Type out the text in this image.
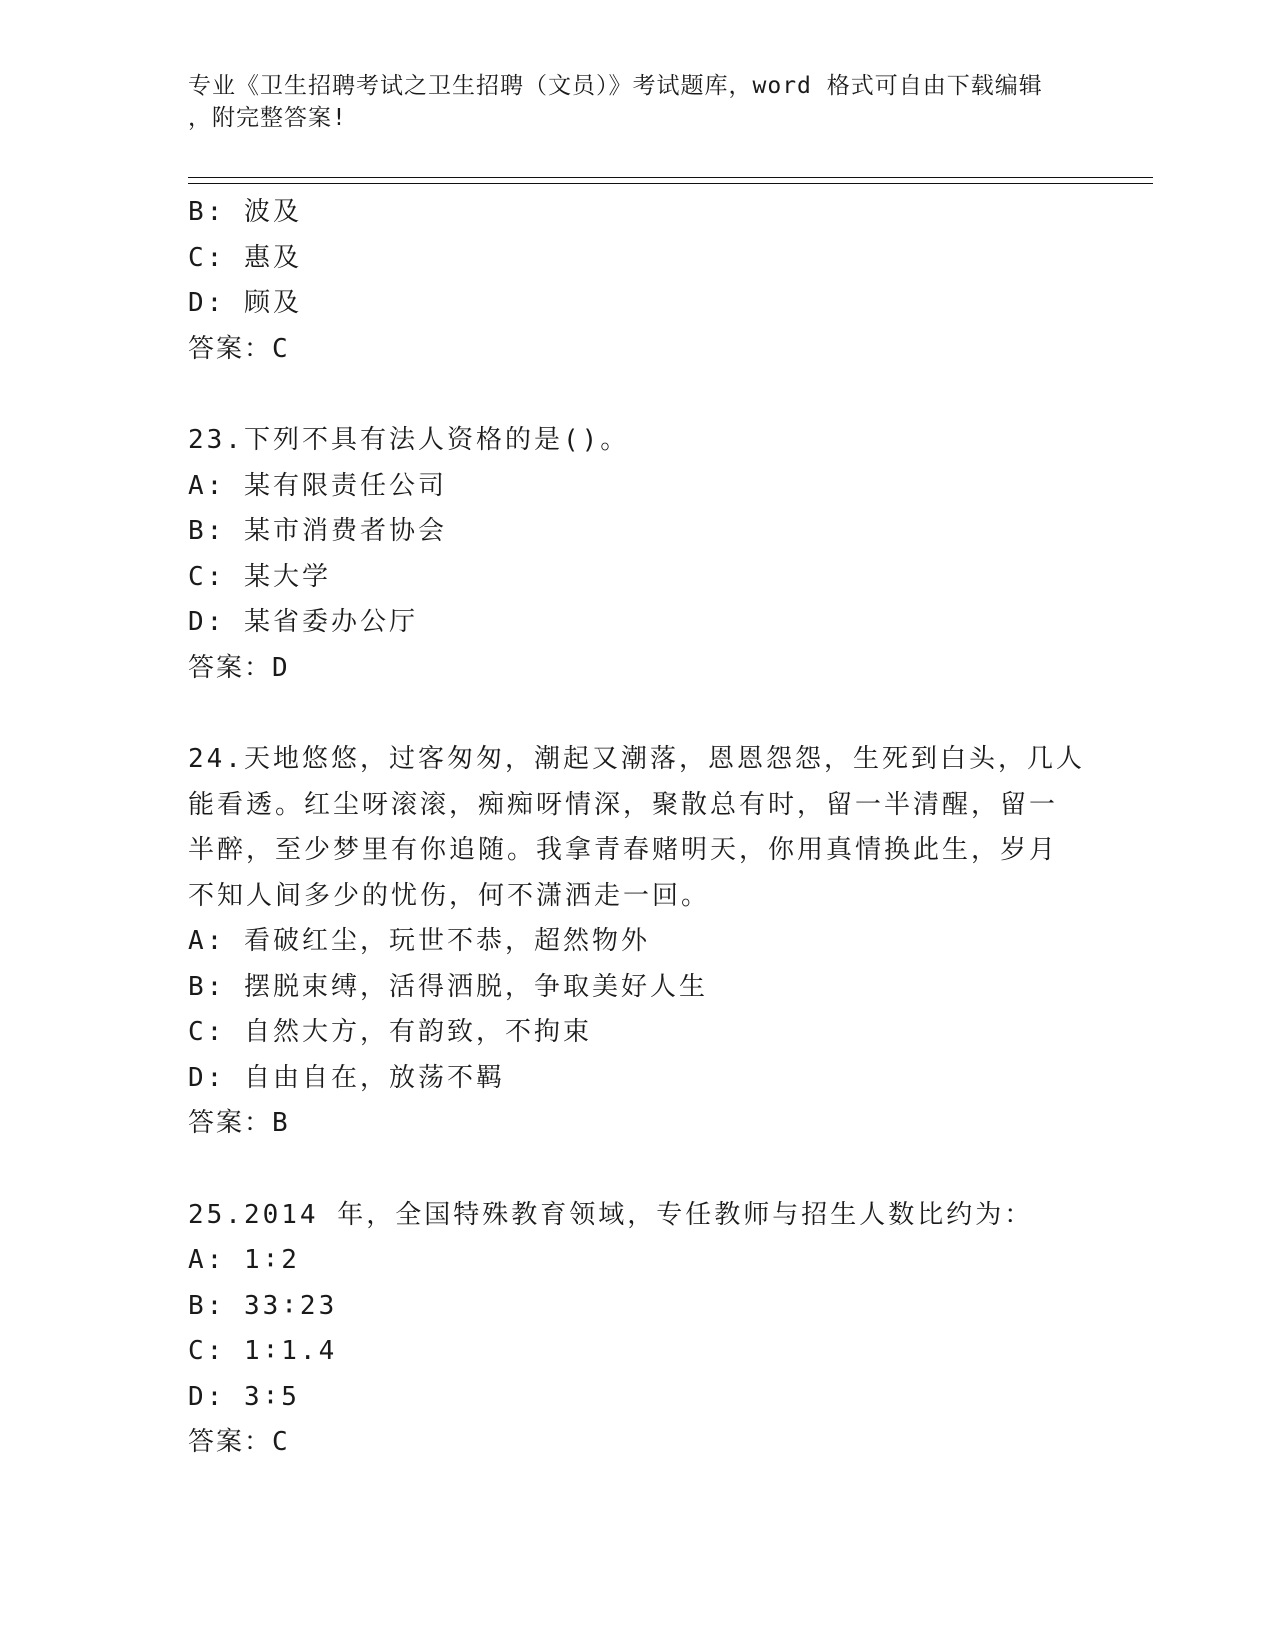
专业《卫生招聘考试之卫生招聘（文员）》考试题库，word 格式可自由下载编辑
，附完整答案!

B: 波及

C: 惠及

D: 顾及

答案：C

23.下列不具有法人资格的是()。

A: 某有限责任公司

B: 某市消费者协会

C: 某大学

D: 某省委办公厅

答案：D

24.天地悠悠，过客匆匆，潮起又潮落，恩恩怨怨，生死到白头，几人

能看透。红尘呀滚滚，痴痴呀情深，聚散总有时，留一半清醒，留一

半醉，至少梦里有你追随。我拿青春赌明天，你用真情换此生，岁月

不知人间多少的忧伤，何不潇洒走一回。

A: 看破红尘，玩世不恭，超然物外

B: 摆脱束缚，活得洒脱，争取美好人生

C: 自然大方，有韵致，不拘束

D: 自由自在，放荡不羁

答案：B

25.2014 年，全国特殊教育领域，专任教师与招生人数比约为：

A: 1∶2

B: 33∶23

C: 1∶1.4

D: 3∶5

答案：C
